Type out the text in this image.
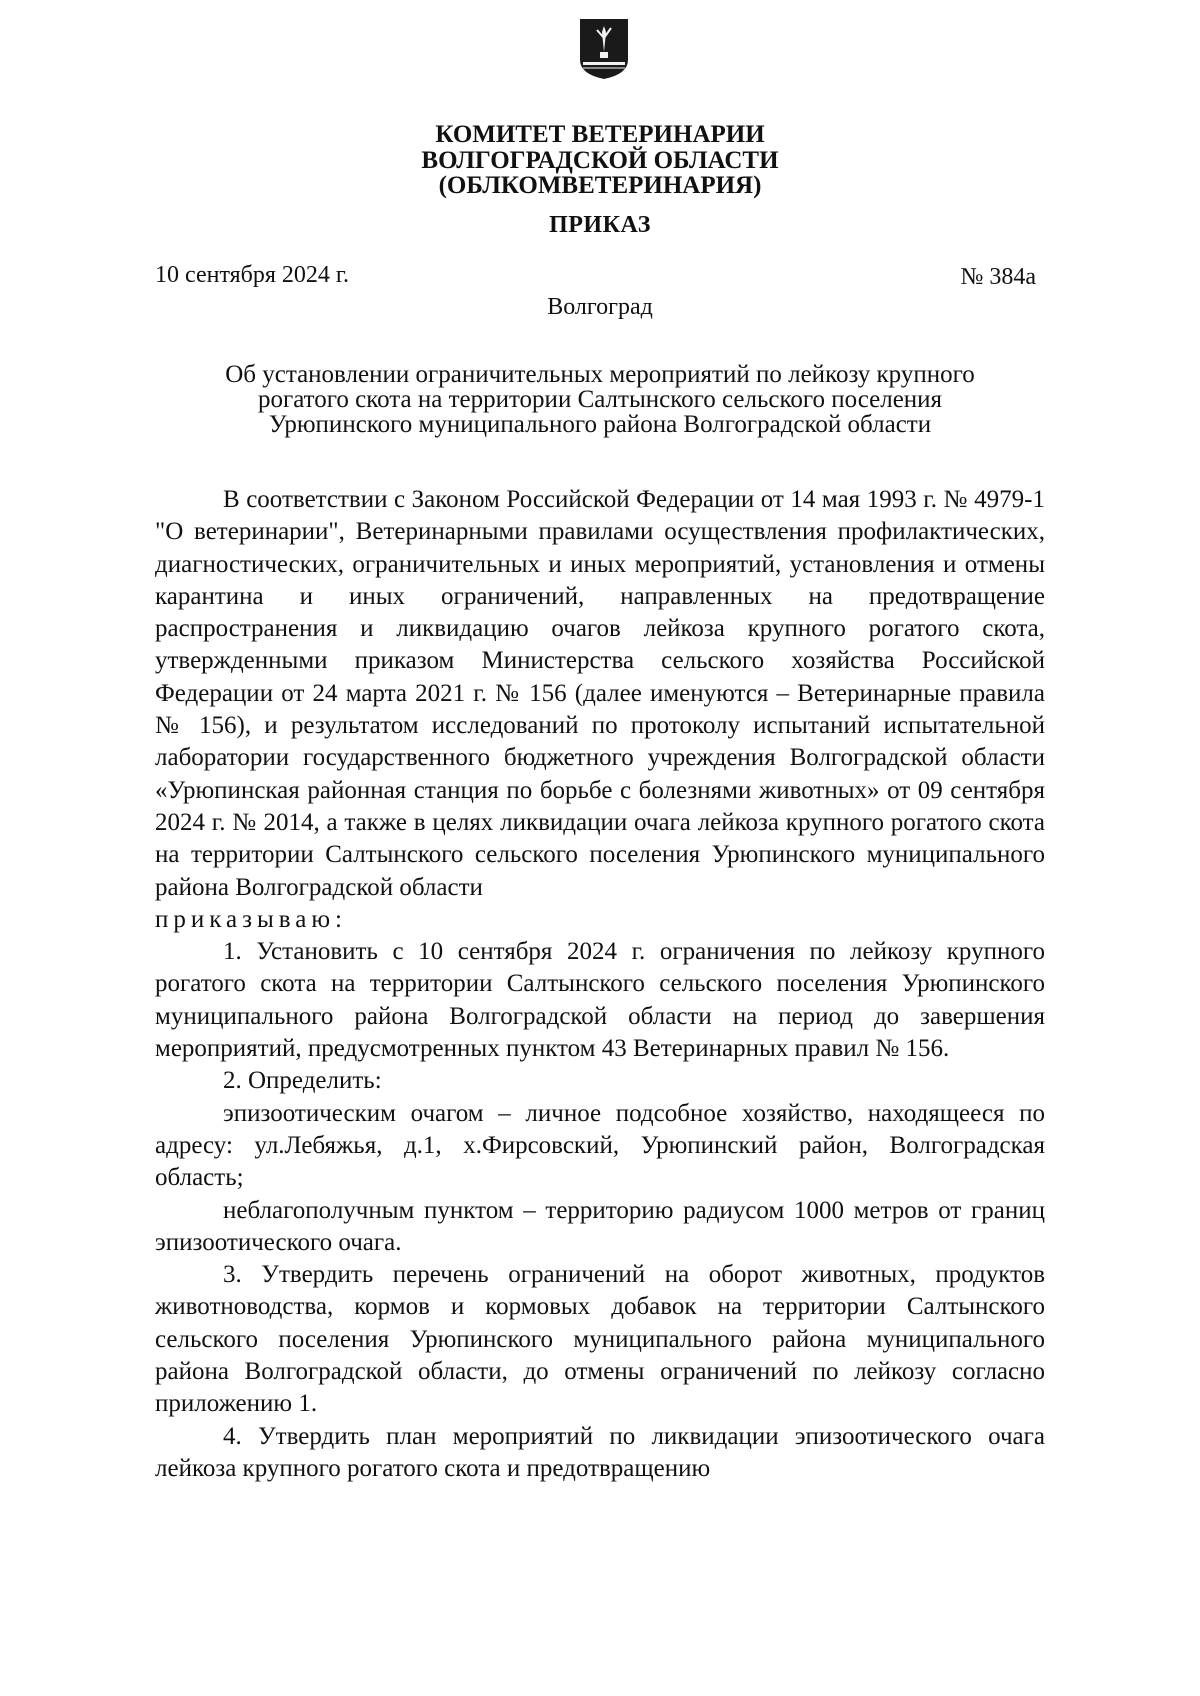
КОМИТЕТ ВЕТЕРИНАРИИ
ВОЛГОГРАДСКОЙ ОБЛАСТИ
(ОБЛКОМВЕТЕРИНАРИЯ)
ПРИКАЗ
10 сентября 2024 г.	№ 384а
Волгоград
Об установлении ограничительных мероприятий по лейкозу крупного
рогатого скота на территории Салтынского сельского поселения
Урюпинского муниципального района Волгоградской области

В соответствии с Законом Российской Федерации от 14 мая 1993 г. № 4979-1 "О ветеринарии", Ветеринарными правилами осуществления профилактических, диагностических, ограничительных и иных мероприятий, установления и отмены карантина и иных ограничений, направленных на предотвращение распространения и ликвидацию очагов лейкоза крупного рогатого скота, утвержденными приказом Министерства сельского хозяйства Российской Федерации от 24 марта 2021 г. № 156 (далее именуются – Ветеринарные правила № 156), и результатом исследований по протоколу испытаний испытательной лаборатории государственного бюджетного учреждения Волгоградской области «Урюпинская районная станция по борьбе с болезнями животных» от 09 сентября 2024 г. № 2014, а также в целях ликвидации очага лейкоза крупного рогатого скота на территории Салтынского сельского поселения Урюпинского муниципального района Волгоградской области

приказываю:

1. Установить с 10 сентября 2024 г. ограничения по лейкозу крупного рогатого скота на территории Салтынского сельского поселения Урюпинского муниципального района Волгоградской области на период до завершения мероприятий, предусмотренных пунктом 43 Ветеринарных правил № 156.

2. Определить:

эпизоотическим очагом – личное подсобное хозяйство, находящееся по адресу: ул.Лебяжья, д.1, х.Фирсовский, Урюпинский район, Волгоградская область;

неблагополучным пунктом – территорию радиусом 1000 метров от границ эпизоотического очага.

3. Утвердить перечень ограничений на оборот животных, продуктов животноводства, кормов и кормовых добавок на территории Салтынского сельского поселения Урюпинского муниципального района муниципального района Волгоградской области, до отмены ограничений по лейкозу согласно приложению 1.

4. Утвердить план мероприятий по ликвидации эпизоотического очага лейкоза крупного рогатого скота и предотвращению
